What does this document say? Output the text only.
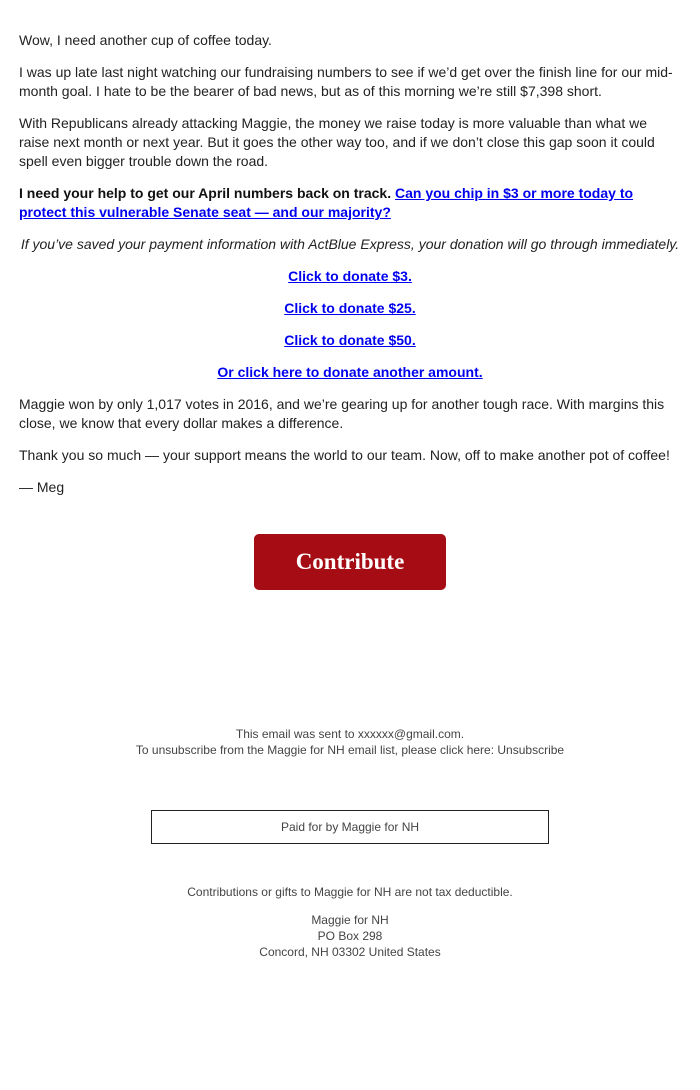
Wow, I need another cup of coffee today.

I was up late last night watching our fundraising numbers to see if we’d get over the finish line for our mid-month goal. I hate to be the bearer of bad news, but as of this morning we’re still $7,398 short.

With Republicans already attacking Maggie, the money we raise today is more valuable than what we raise next month or next year. But it goes the other way too, and if we don’t close this gap soon it could spell even bigger trouble down the road.

I need your help to get our April numbers back on track. Can you chip in $3 or more today to protect this vulnerable Senate seat — and our majority?

If you’ve saved your payment information with ActBlue Express, your donation will go through immediately.

Click to donate $3.

Click to donate $25.

Click to donate $50.

Or click here to donate another amount.

Maggie won by only 1,017 votes in 2016, and we’re gearing up for another tough race. With margins this close, we know that every dollar makes a difference.

Thank you so much — your support means the world to our team. Now, off to make another pot of coffee!

— Meg

Contribute
This email was sent to xxxxxx@gmail.com.
To unsubscribe from the Maggie for NH email list, please click here: Unsubscribe
Paid for by Maggie for NH
Contributions or gifts to Maggie for NH are not tax deductible.
Maggie for NH
PO Box 298
Concord, NH 03302 United States
